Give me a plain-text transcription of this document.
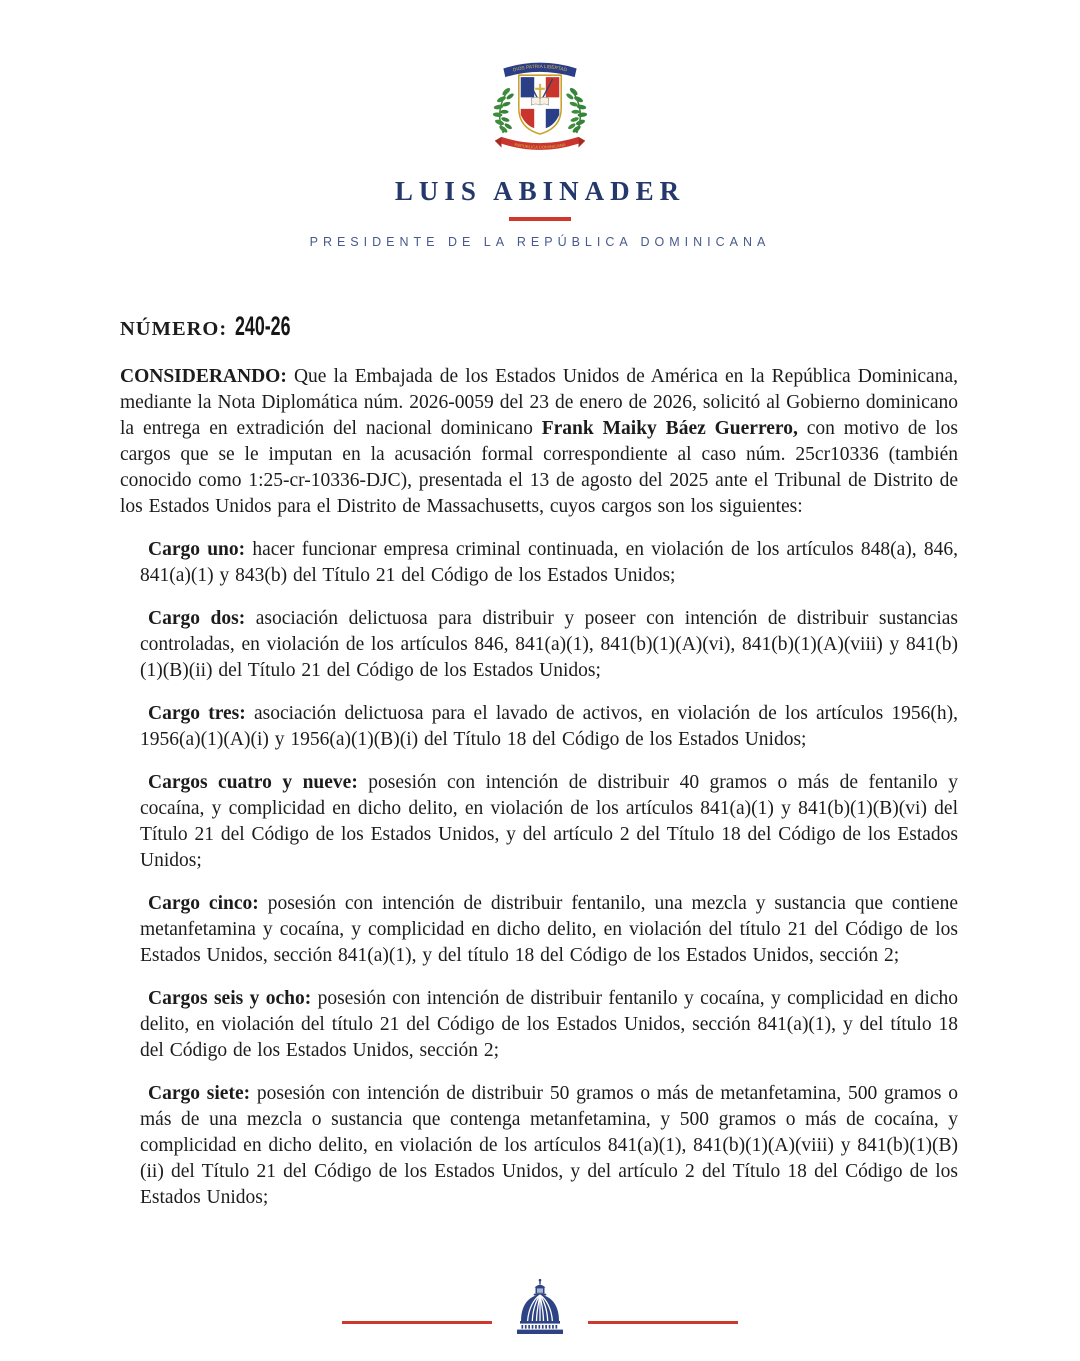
DIOS PATRIA LIBERTAD
REPÚBLICA DOMINICANA
LUIS ABINADER
PRESIDENTE DE LA REPÚBLICA DOMINICANA
NÚMERO: 240-26

CONSIDERANDO: Que la Embajada de los Estados Unidos de América en la República Dominicana, mediante la Nota Diplomática núm. 2026-0059 del 23 de enero de 2026, solicitó al Gobierno dominicano la entrega en extradición del nacional dominicano Frank Maiky Báez Guerrero, con motivo de los cargos que se le imputan en la acusación formal correspondiente al caso núm. 25cr10336 (también conocido como 1:25-cr-10336-DJC), presentada el 13 de agosto del 2025 ante el Tribunal de Distrito de los Estados Unidos para el Distrito de Massachusetts, cuyos cargos son los siguientes:

Cargo uno: hacer funcionar empresa criminal continuada, en violación de los artículos 848(a), 846, 841(a)(1) y 843(b) del Título 21 del Código de los Estados Unidos;

Cargo dos: asociación delictuosa para distribuir y poseer con intención de distribuir sustancias controladas, en violación de los artículos 846, 841(a)(1), 841(b)(1)(A)(vi), 841(b)(1)(A)(viii) y 841(b)(1)(B)(ii) del Título 21 del Código de los Estados Unidos;

Cargo tres: asociación delictuosa para el lavado de activos, en violación de los artículos 1956(h), 1956(a)(1)(A)(i) y 1956(a)(1)(B)(i) del Título 18 del Código de los Estados Unidos;

Cargos cuatro y nueve: posesión con intención de distribuir 40 gramos o más de fentanilo y cocaína, y complicidad en dicho delito, en violación de los artículos 841(a)(1) y 841(b)(1)(B)(vi) del Título 21 del Código de los Estados Unidos, y del artículo 2 del Título 18 del Código de los Estados Unidos;

Cargo cinco: posesión con intención de distribuir fentanilo, una mezcla y sustancia que contiene metanfetamina y cocaína, y complicidad en dicho delito, en violación del título 21 del Código de los Estados Unidos, sección 841(a)(1), y del título 18 del Código de los Estados Unidos, sección 2;

Cargos seis y ocho: posesión con intención de distribuir fentanilo y cocaína, y complicidad en dicho delito, en violación del título 21 del Código de los Estados Unidos, sección 841(a)(1), y del título 18 del Código de los Estados Unidos, sección 2;

Cargo siete: posesión con intención de distribuir 50 gramos o más de metanfetamina, 500 gramos o más de una mezcla o sustancia que contenga metanfetamina, y 500 gramos o más de cocaína, y complicidad en dicho delito, en violación de los artículos 841(a)(1), 841(b)(1)(A)(viii) y 841(b)(1)(B)(ii) del Título 21 del Código de los Estados Unidos, y del artículo 2 del Título 18 del Código de los Estados Unidos;
